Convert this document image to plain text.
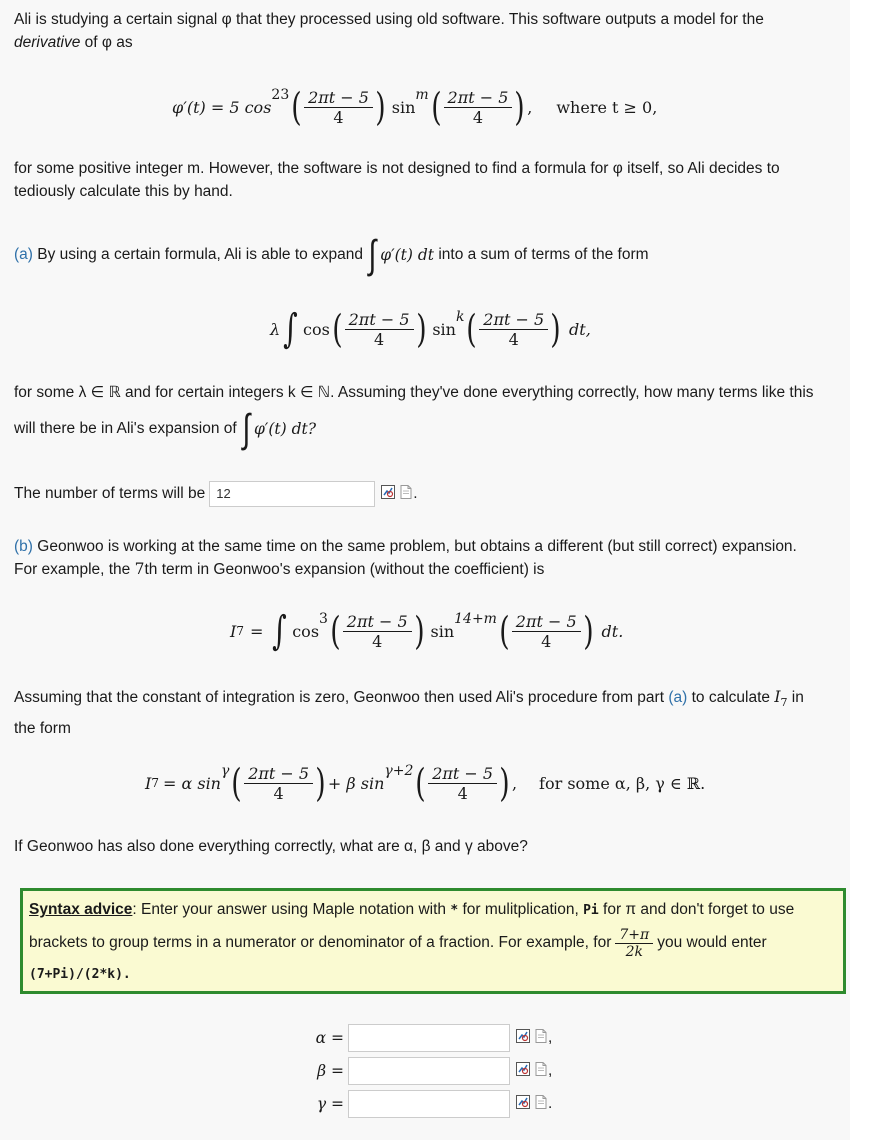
Ali is studying a certain signal φ that they processed using old software. This software outputs a model for the
derivative of φ as
φ′(t) = 5 cos
23 ( $\frac{2\pi t - 5}{4}$ ) sin
m ( $\frac{2\pi t - 5}{4}$ ) , where t ≥ 0,
for some positive integer m. However, the software is not designed to find a formula for φ itself, so Ali decides to
tediously calculate this by hand.
(a)
By using a certain formula, Ali is able to expand
∫ φ′(t) dt
into a sum of terms of the form
λ ∫ cos ( $\frac{2\pi t - 5}{4}$ ) sin
k ( $\frac{2\pi t - 5}{4}$ ) dt,
for some λ ∈ ℝ and for certain integers k ∈ ℕ. Assuming they've done everything correctly, how many terms like this
will there be in Ali's expansion of
∫ φ′(t) dt?
The number of terms will be 12	.
(b) Geonwoo is working at the same time on the same problem, but obtains a different (but still correct) expansion.
For example, the 7th term in Geonwoo's expansion (without the coefficient) is
I 7 = ∫ cos
3 ( $\frac{2\pi t - 5}{4}$ ) sin
14+m ( $\frac{2\pi t - 5}{4}$ ) dt.
Assuming that the constant of integration is zero, Geonwoo then used Ali's procedure from part (a) to calculate $I_7$ in
the form
I 7 = α sin
γ ( $\frac{2\pi t - 5}{4}$ ) + β sin
γ+2 ( $\frac{2\pi t - 5}{4}$ ) , for some α, β, γ ∈ ℝ.
If Geonwoo has also done everything correctly, what are α, β and γ above?
Syntax advice: Enter your answer using Maple notation with * for mulitplication, Pi for π and don't forget to use
brackets to group terms in a numerator or denominator of a fraction. For example, for $\frac{7+\pi}{2k}$ you would enter
(7+Pi)/(2*k).
α =	,
β =	,
γ =	.
